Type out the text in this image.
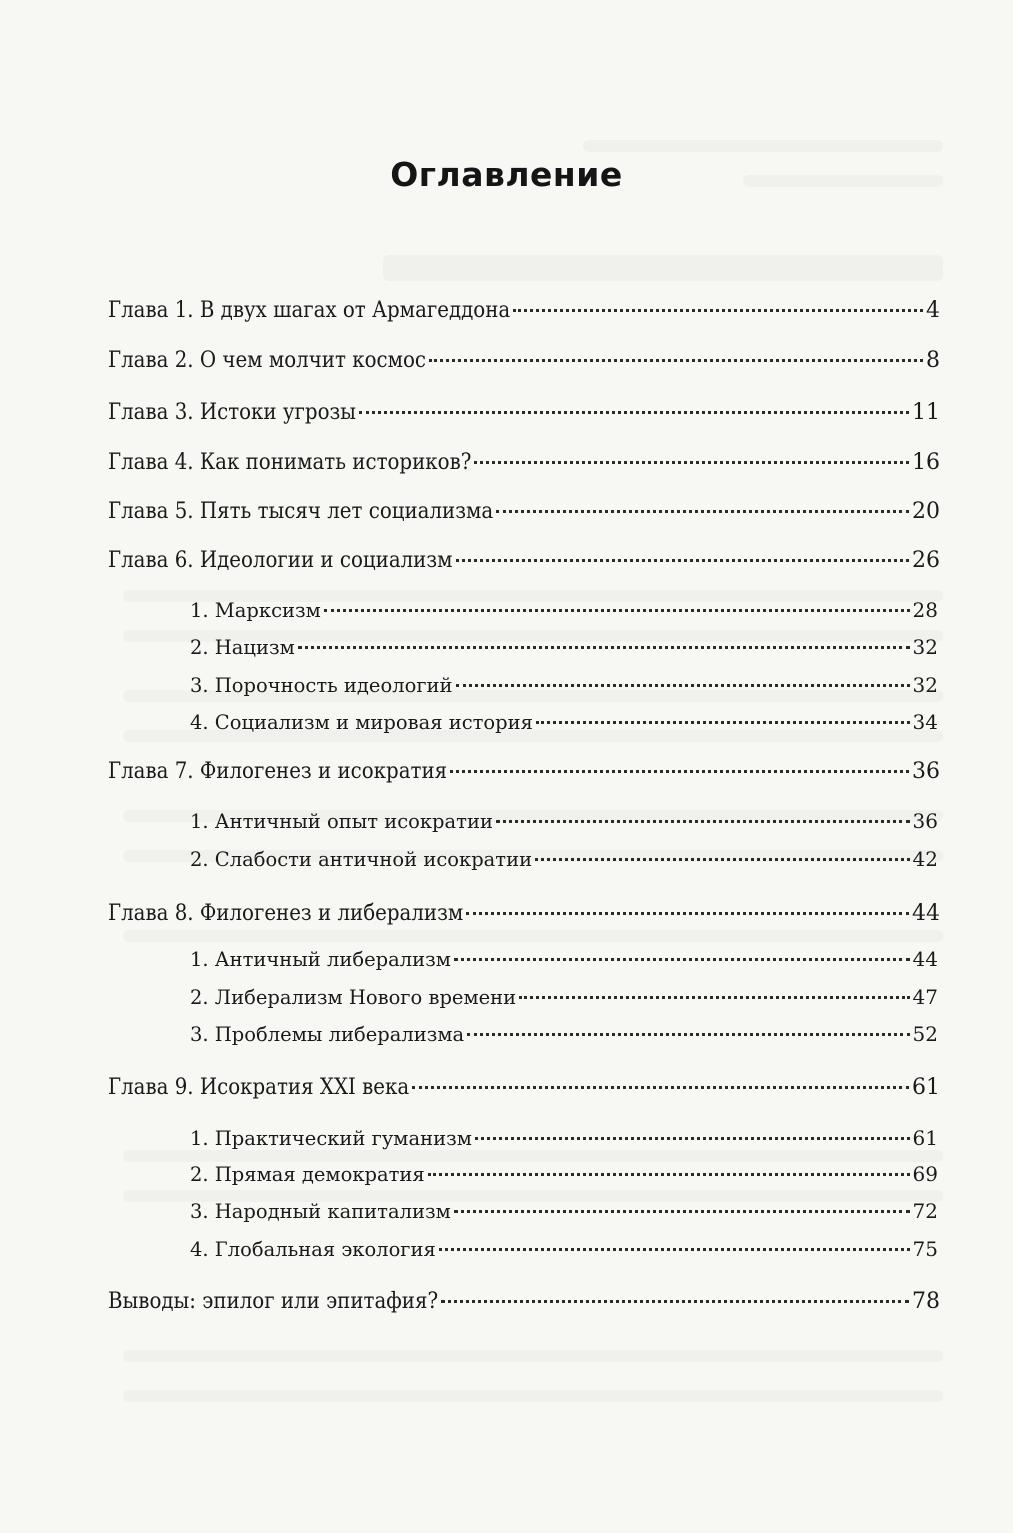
Оглавление
Глава 1. В двух шагах от Армагеддона	4
Глава 2. О чем молчит космос	8
Глава 3. Истоки угрозы	11
Глава 4. Как понимать историков?	16
Глава 5. Пять тысяч лет социализма	20
Глава 6. Идеологии и социализм	26
1. Марксизм	28
2. Нацизм	32
3. Порочность идеологий	32
4. Социализм и мировая история	34
Глава 7. Филогенез и исократия	36
1. Античный опыт исократии	36
2. Слабости античной исократии	42
Глава 8. Филогенез и либерализм	44
1. Античный либерализм	44
2. Либерализм Нового времени	47
3. Проблемы либерализма	52
Глава 9. Исократия XXI века	61
1. Практический гуманизм	61
2. Прямая демократия	69
3. Народный капитализм	72
4. Глобальная экология	75
Выводы: эпилог или эпитафия?	78
